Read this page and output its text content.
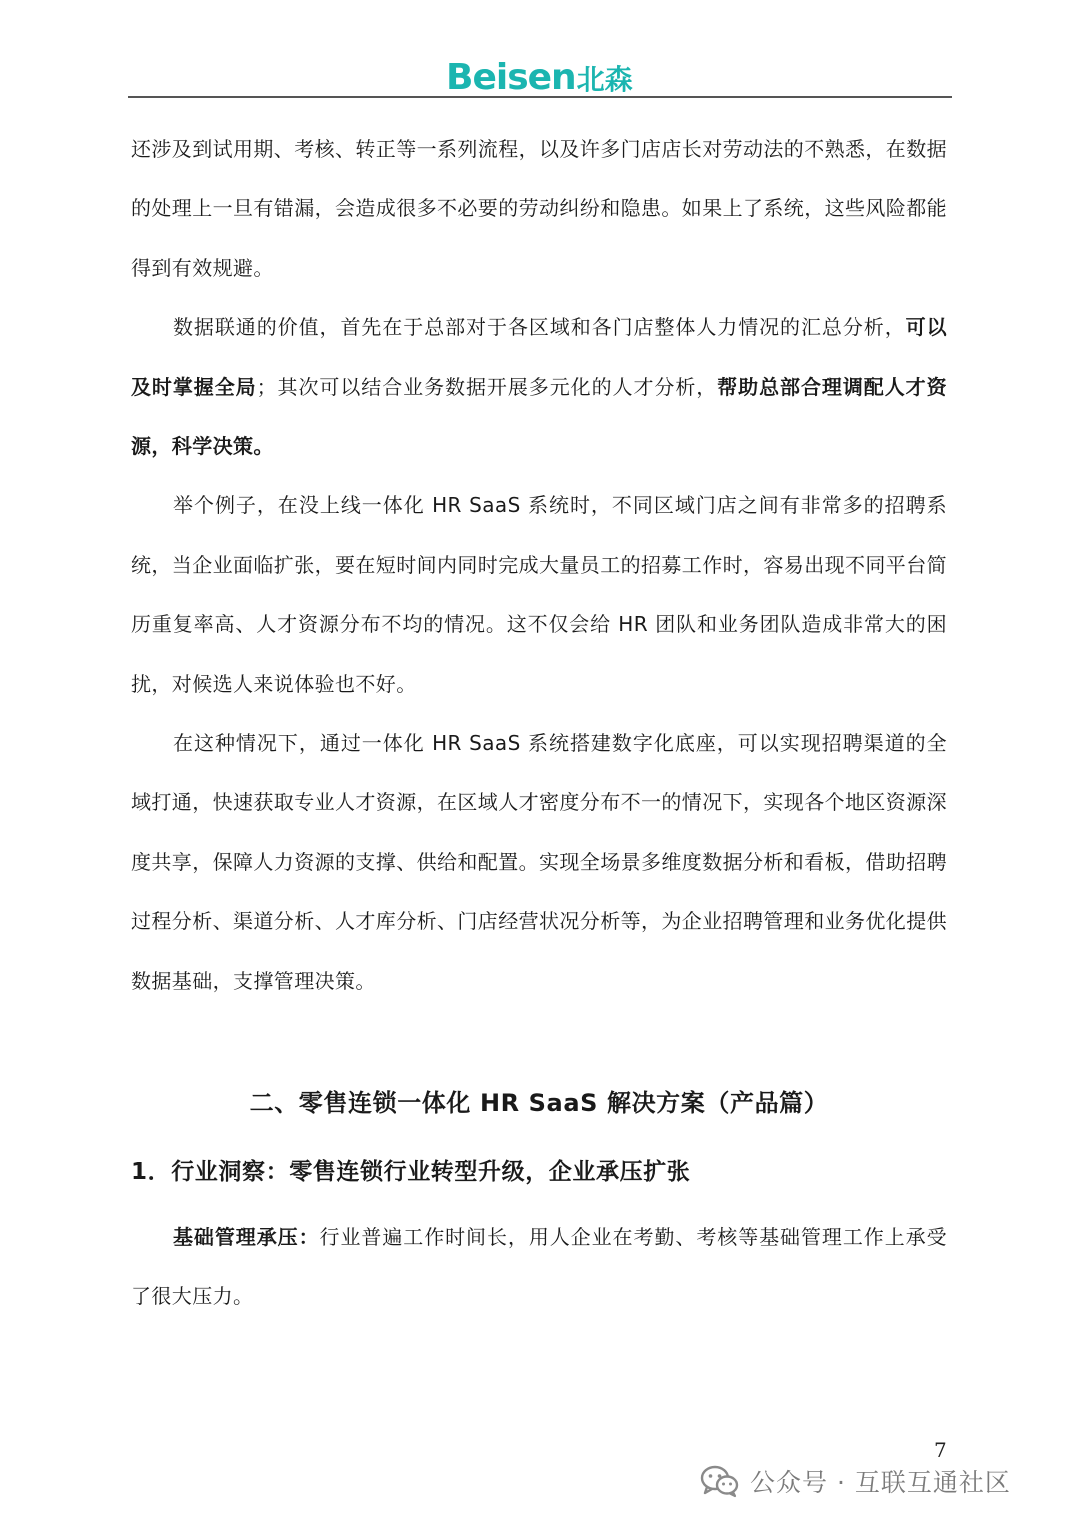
Beisen 北森

还涉及到试用期、考核、转正等一系列流程，以及许多门店店长对劳动法的不熟悉，在数据的处理上一旦有错漏，会造成很多不必要的劳动纠纷和隐患。如果上了系统，这些风险都能得到有效规避。

数据联通的价值，首先在于总部对于各区域和各门店整体人力情况的汇总分析，可以及时掌握全局；其次可以结合业务数据开展多元化的人才分析，帮助总部合理调配人才资源，科学决策。

举个例子，在没上线一体化 HR SaaS 系统时，不同区域门店之间有非常多的招聘系统，当企业面临扩张，要在短时间内同时完成大量员工的招募工作时，容易出现不同平台简历重复率高、人才资源分布不均的情况。这不仅会给 HR 团队和业务团队造成非常大的困扰，对候选人来说体验也不好。

在这种情况下，通过一体化 HR SaaS 系统搭建数字化底座，可以实现招聘渠道的全域打通，快速获取专业人才资源，在区域人才密度分布不一的情况下，实现各个地区资源深度共享，保障人力资源的支撑、供给和配置。实现全场景多维度数据分析和看板，借助招聘过程分析、渠道分析、人才库分析、门店经营状况分析等，为企业招聘管理和业务优化提供数据基础，支撑管理决策。

二、零售连锁一体化 HR SaaS 解决方案（产品篇）
1．行业洞察：零售连锁行业转型升级，企业承压扩张

基础管理承压：行业普遍工作时间长，用人企业在考勤、考核等基础管理工作上承受了很大压力。

7
公众号 · 互联互通社区
